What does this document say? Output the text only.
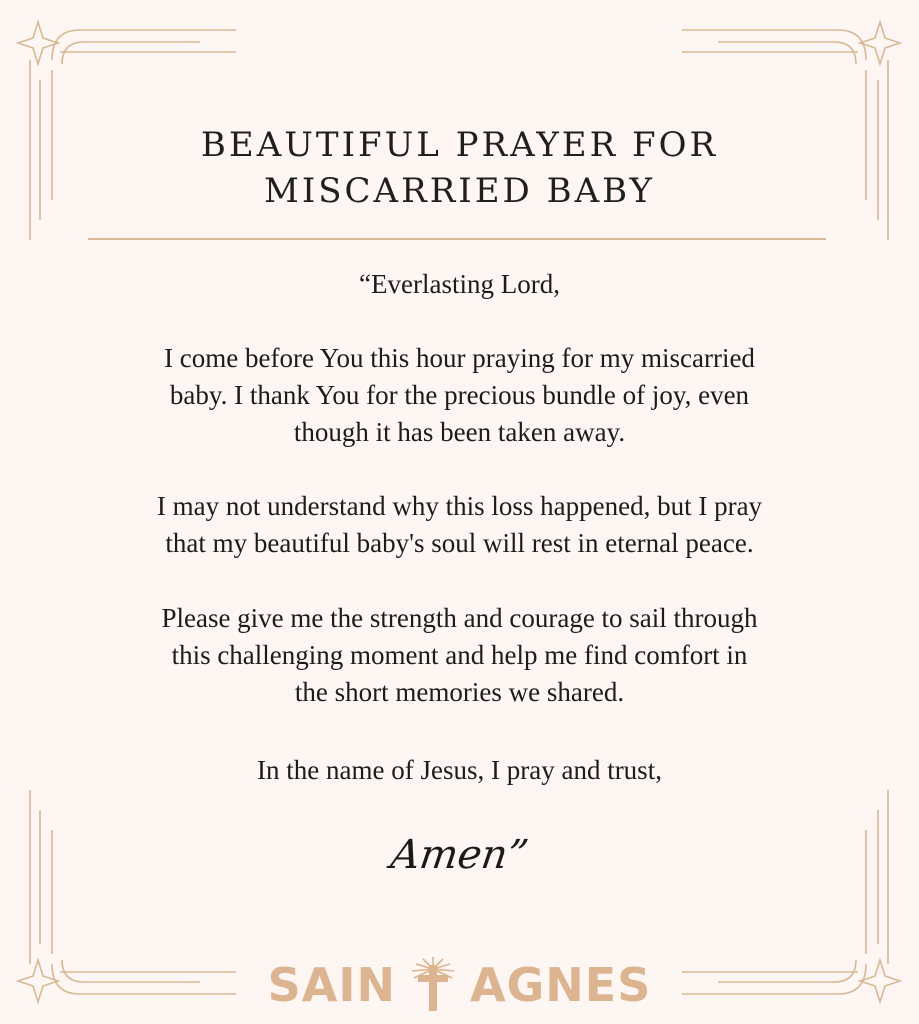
BEAUTIFUL PRAYER FOR
MISCARRIED BABY
“Everlasting Lord,
I come before You this hour praying for my miscarried
baby. I thank You for the precious bundle of joy, even
though it has been taken away.
I may not understand why this loss happened, but I pray
that my beautiful baby's soul will rest in eternal peace.
Please give me the strength and courage to sail through
this challenging moment and help me find comfort in
the short memories we shared.
In the name of Jesus, I pray and trust,
Amen”
SAIN AGNES
